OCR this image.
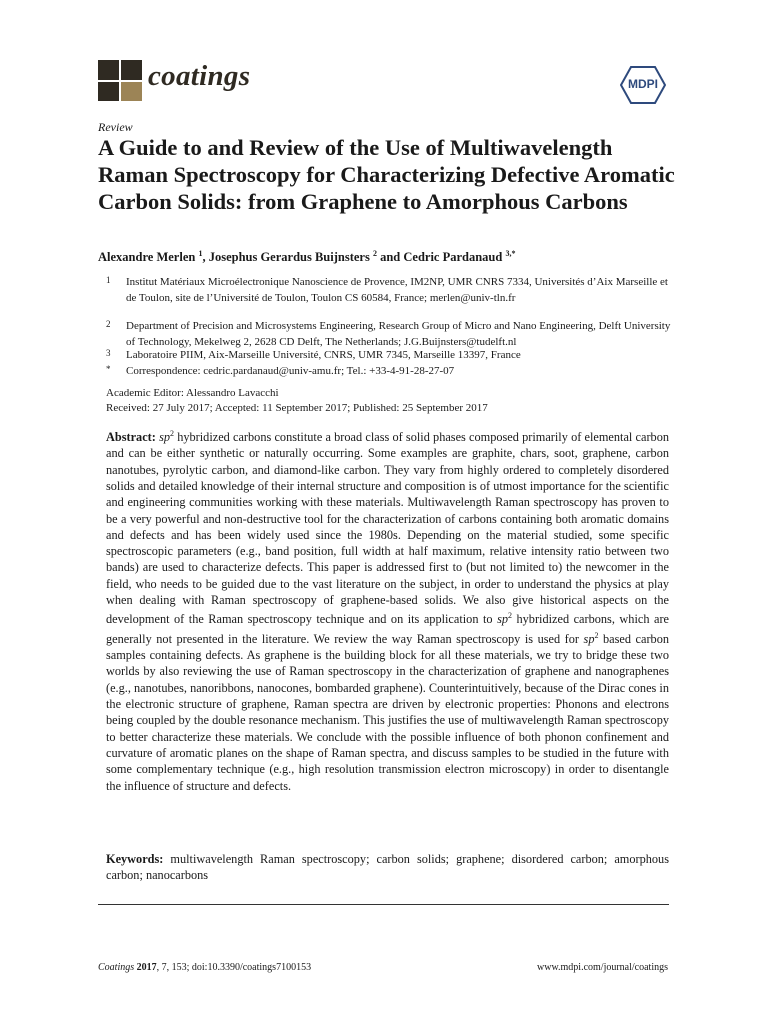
coatings	MDPI
Review
A Guide to and Review of the Use of Multiwavelength Raman Spectroscopy for Characterizing Defective Aromatic Carbon Solids: from Graphene to Amorphous Carbons
Alexandre Merlen $^1$, Josephus Gerardus Buijnsters $^2$ and Cedric Pardanaud $^{3,*}$
1 Institut Matériaux Microélectronique Nanoscience de Provence, IM2NP, UMR CNRS 7334, Universités d’Aix Marseille et de Toulon, site de l’Université de Toulon, Toulon CS 60584, France; merlen@univ-tln.fr
2 Department of Precision and Microsystems Engineering, Research Group of Micro and Nano Engineering, Delft University of Technology, Mekelweg 2, 2628 CD Delft, The Netherlands; J.G.Buijnsters@tudelft.nl
3 Laboratoire PIIM, Aix-Marseille Université, CNRS, UMR 7345, Marseille 13397, France
* Correspondence: cedric.pardanaud@univ-amu.fr; Tel.: +33-4-91-28-27-07
Academic Editor: Alessandro Lavacchi
Received: 27 July 2017; Accepted: 11 September 2017; Published: 25 September 2017
Abstract: $sp^2$ hybridized carbons constitute a broad class of solid phases composed primarily of elemental carbon and can be either synthetic or naturally occurring. Some examples are graphite, chars, soot, graphene, carbon nanotubes, pyrolytic carbon, and diamond-like carbon. They vary from highly ordered to completely disordered solids and detailed knowledge of their internal structure and composition is of utmost importance for the scientific and engineering communities working with these materials. Multiwavelength Raman spectroscopy has proven to be a very powerful and non-destructive tool for the characterization of carbons containing both aromatic domains and defects and has been widely used since the 1980s. Depending on the material studied, some specific spectroscopic parameters (e.g., band position, full width at half maximum, relative intensity ratio between two bands) are used to characterize defects. This paper is addressed first to (but not limited to) the newcomer in the field, who needs to be guided due to the vast literature on the subject, in order to understand the physics at play when dealing with Raman spectroscopy of graphene-based solids. We also give historical aspects on the development of the Raman spectroscopy technique and on its application to $sp^2$ hybridized carbons, which are generally not presented in the literature. We review the way Raman spectroscopy is used for $sp^2$ based carbon samples containing defects. As graphene is the building block for all these materials, we try to bridge these two worlds by also reviewing the use of Raman spectroscopy in the characterization of graphene and nanographenes (e.g., nanotubes, nanoribbons, nanocones, bombarded graphene). Counterintuitively, because of the Dirac cones in the electronic structure of graphene, Raman spectra are driven by electronic properties: Phonons and electrons being coupled by the double resonance mechanism. This justifies the use of multiwavelength Raman spectroscopy to better characterize these materials. We conclude with the possible influence of both phonon confinement and curvature of aromatic planes on the shape of Raman spectra, and discuss samples to be studied in the future with some complementary technique (e.g., high resolution transmission electron microscopy) in order to disentangle the influence of structure and defects.
Keywords: multiwavelength Raman spectroscopy; carbon solids; graphene; disordered carbon; amorphous carbon; nanocarbons
Coatings 2017, 7, 153; doi:10.3390/coatings7100153	www.mdpi.com/journal/coatings
